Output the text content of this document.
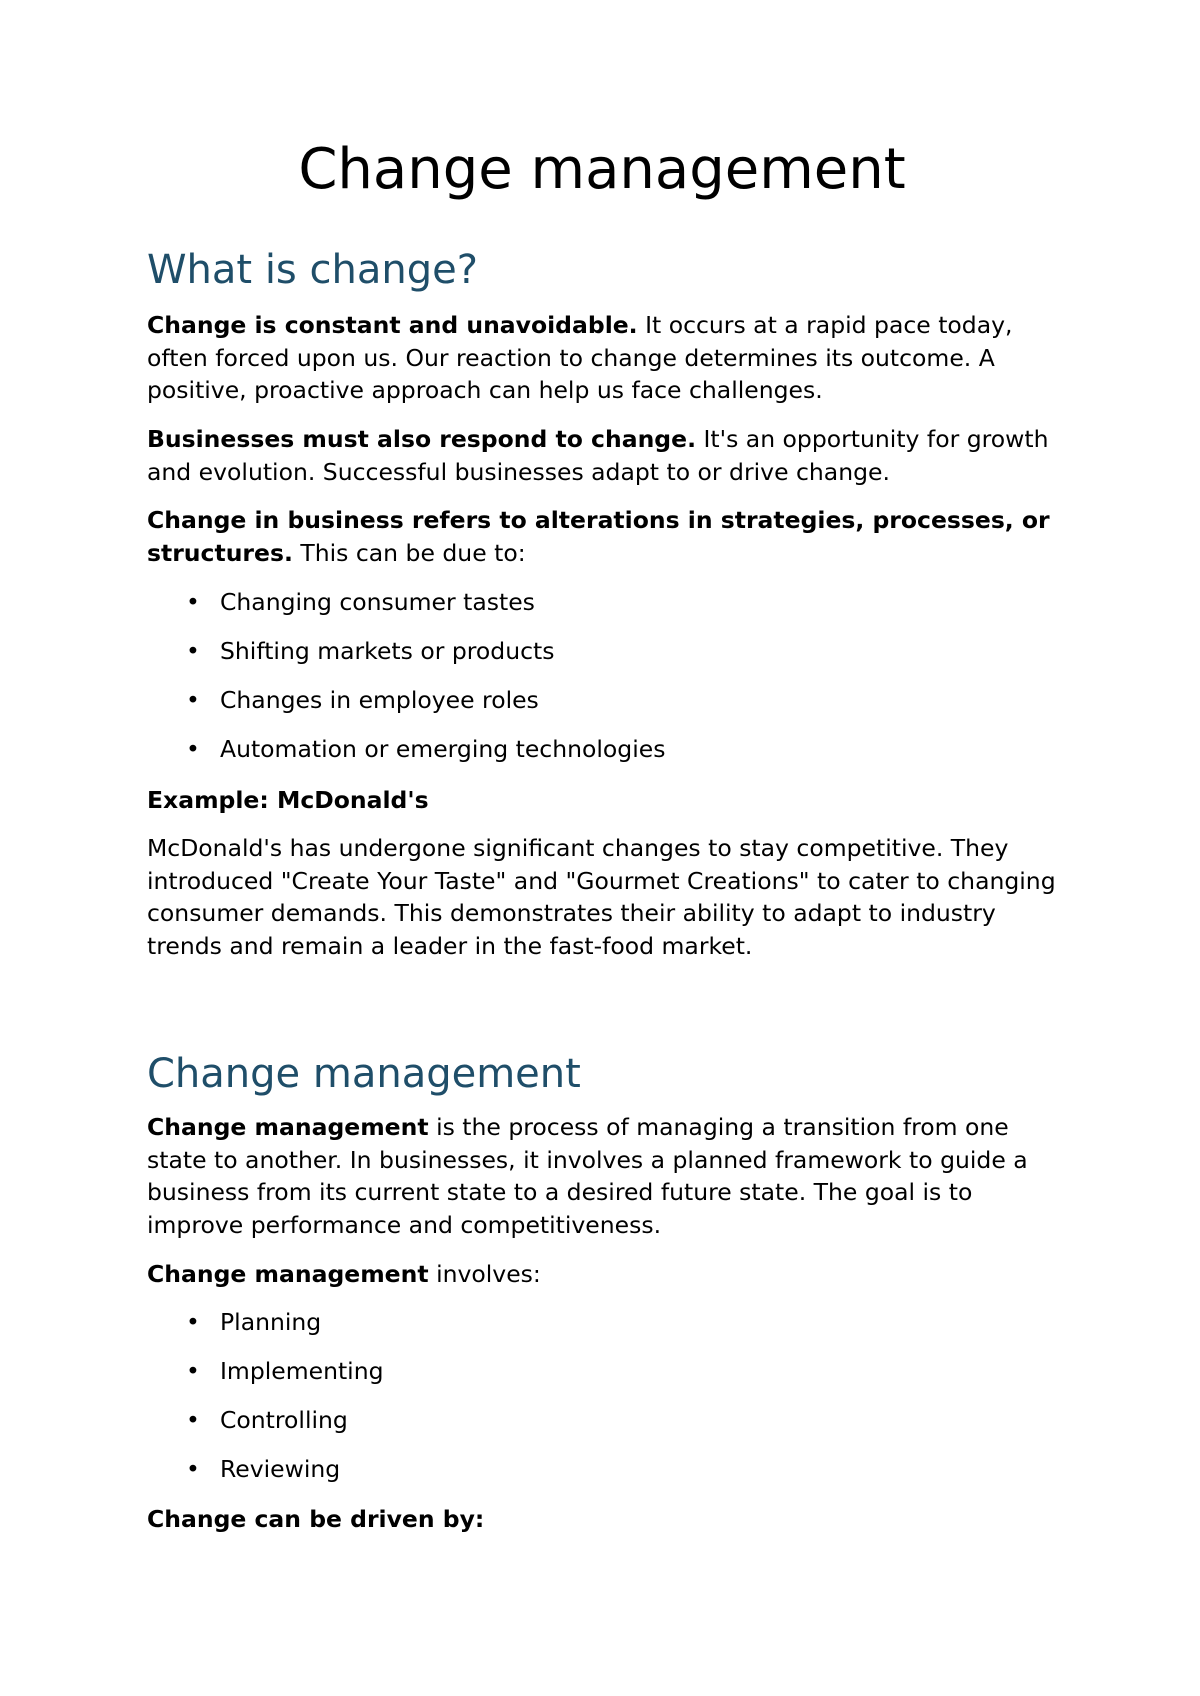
Change management
What is change?

Change is constant and unavoidable. It occurs at a rapid pace today, often forced upon us. Our reaction to change determines its outcome. A positive, proactive approach can help us face challenges.

Businesses must also respond to change. It's an opportunity for growth and evolution. Successful businesses adapt to or drive change.

Change in business refers to alterations in strategies, processes, or structures. This can be due to:

• Changing consumer tastes
• Shifting markets or products
• Changes in employee roles
• Automation or emerging technologies

Example: McDonald's

McDonald's has undergone significant changes to stay competitive. They introduced "Create Your Taste" and "Gourmet Creations" to cater to changing consumer demands. This demonstrates their ability to adapt to industry trends and remain a leader in the fast-food market.

Change management

Change management is the process of managing a transition from one state to another. In businesses, it involves a planned framework to guide a business from its current state to a desired future state. The goal is to improve performance and competitiveness.

Change management involves:

• Planning
• Implementing
• Controlling
• Reviewing

Change can be driven by:
